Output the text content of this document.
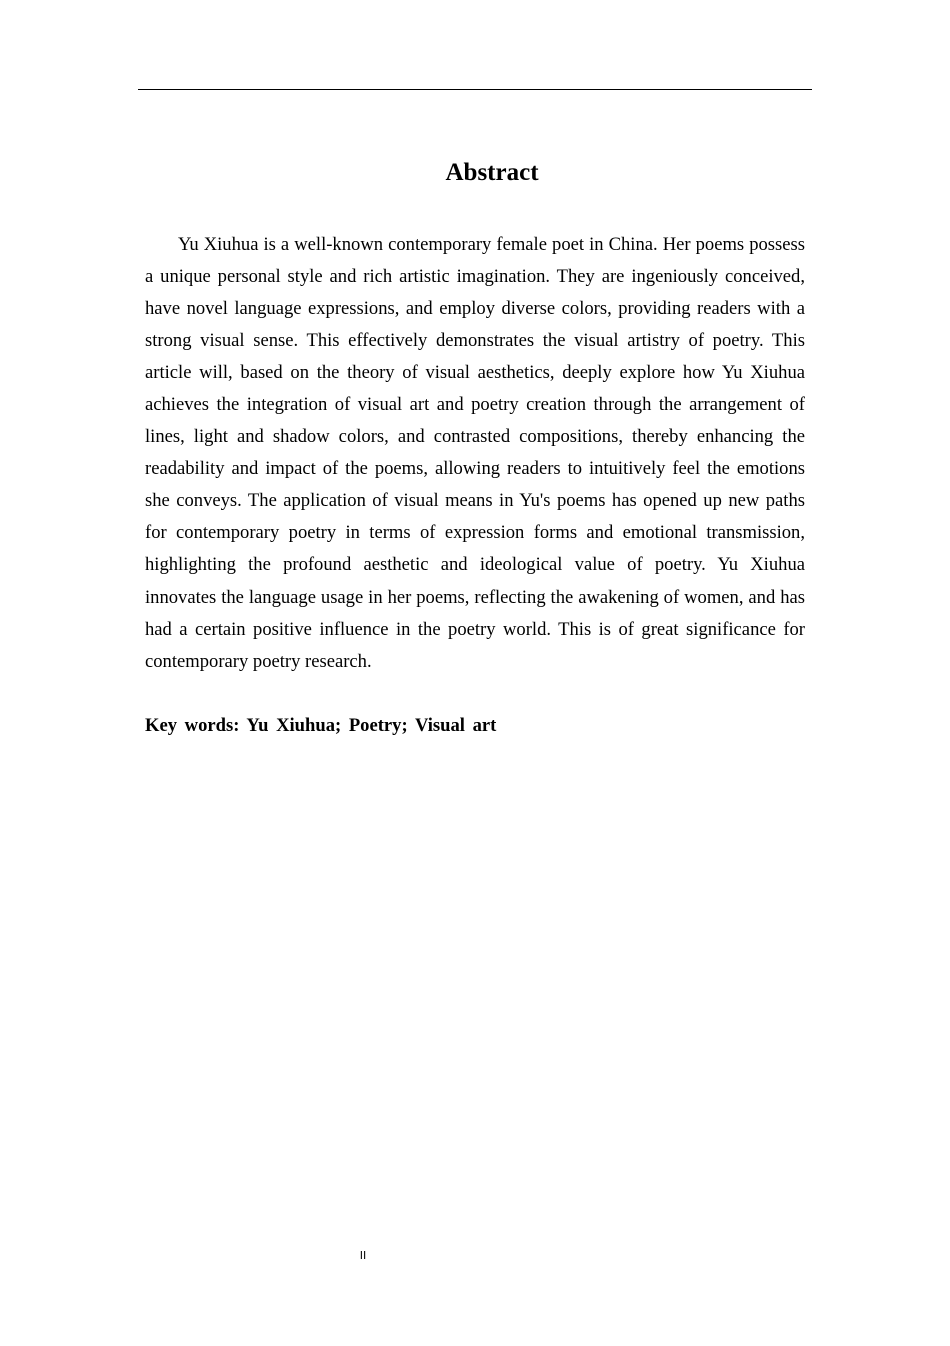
Abstract

Yu Xiuhua is a well-known contemporary female poet in China. Her poems possess a unique personal style and rich artistic imagination. They are ingeniously conceived, have novel language expressions, and employ diverse colors, providing readers with a strong visual sense. This effectively demonstrates the visual artistry of poetry. This article will, based on the theory of visual aesthetics, deeply explore how Yu Xiuhua achieves the integration of visual art and poetry creation through the arrangement of lines, light and shadow colors, and contrasted compositions, thereby enhancing the readability and impact of the poems, allowing readers to intuitively feel the emotions she conveys. The application of visual means in Yu's poems has opened up new paths for contemporary poetry in terms of expression forms and emotional transmission, highlighting the profound aesthetic and ideological value of poetry. Yu Xiuhua innovates the language usage in her poems, reflecting the awakening of women, and has had a certain positive influence in the poetry world. This is of great significance for contemporary poetry research.

Key words: Yu Xiuhua; Poetry; Visual art

II
